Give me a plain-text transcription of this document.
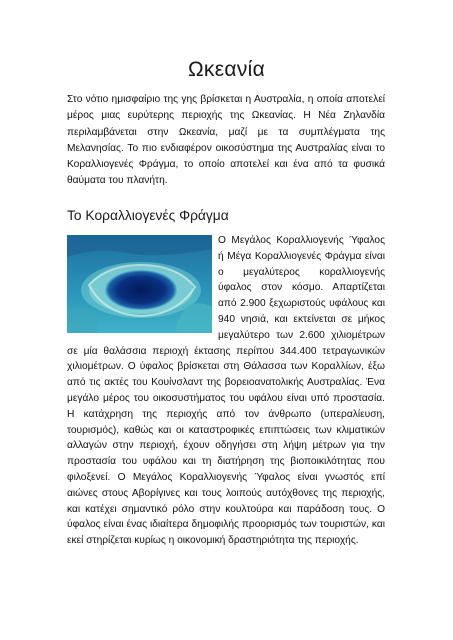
Ωκεανία

Στο νότιο ημισφαίριο της γης βρίσκεται η Αυστραλία, η οποία αποτελεί μέρος μιας ευρύτερης περιοχής της Ωκεανίας. Η Νέα Ζηλανδία περιλαμβάνεται στην Ωκεανία, μαζί με τα συμπλέγματα της Μελανησίας. Το πιο ενδιαφέρον οικοσύστημα της Αυστραλίας είναι το Κοραλλιογενές Φράγμα, το οποίο αποτελεί και ένα από τα φυσικά θαύματα του πλανήτη.

Το Κοραλλιογενές Φράγμα

Ο Μεγάλος Κοραλλιογενής Ύφαλος ή Μέγα Κοραλλιογενές Φράγμα είναι ο μεγαλύτερος κοραλλιογενής ύφαλος στον κόσμο. Απαρτίζεται από 2.900 ξεχωριστούς υφάλους και 940 νησιά, και εκτείνεται σε μήκος μεγαλύτερο των 2.600 χιλιομέτρων σε μία θαλάσσια περιοχή έκτασης περίπου 344.400 τετραγωνικών χιλιομέτρων. Ο ύφαλος βρίσκεται στη Θάλασσα των Κοραλλίων, έξω από τις ακτές του Κουίνσλαντ της βορειοανατολικής Αυστραλίας. Ένα μεγάλο μέρος του οικοσυστήματος του υφάλου είναι υπό προστασία. Η κατάχρηση της περιοχής από τον άνθρωπο (υπεραλίευση, τουρισμός), καθώς και οι καταστροφικές επιπτώσεις των κλιματικών αλλαγών στην περιοχή, έχουν οδηγήσει στη λήψη μέτρων για την προστασία του υφάλου και τη διατήρηση της βιοποικιλότητας που φιλοξενεί. Ο Μεγάλος Κοραλλιογενής Ύφαλος είναι γνωστός επί αιώνες στους Αβορίγινες και τους λοιπούς αυτόχθονες της περιοχής, και κατέχει σημαντικό ρόλο στην κουλτούρα και παράδοση τους. Ο ύφαλος είναι ένας ιδιαίτερα δημοφιλής προορισμός των τουριστών, και εκεί στηρίζεται κυρίως η οικονομική δραστηριότητα της περιοχής.
